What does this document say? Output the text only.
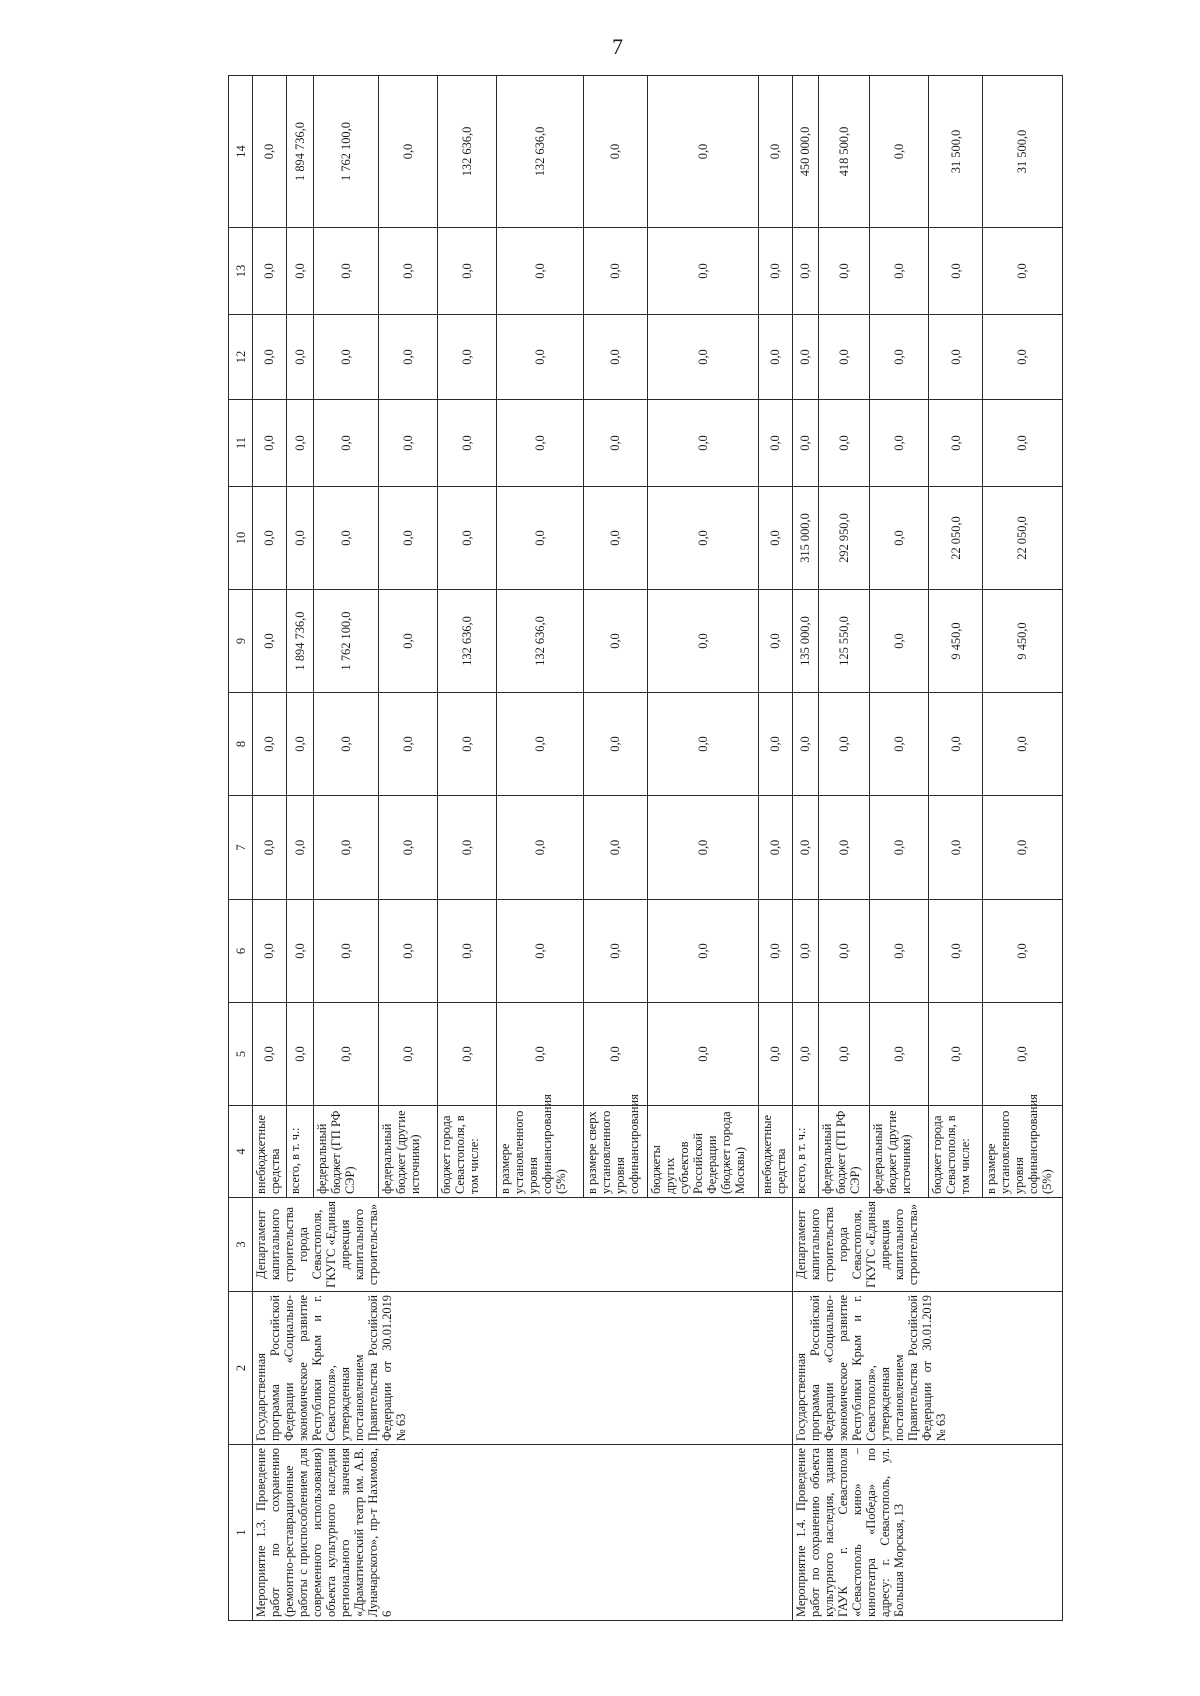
7
1	2	3	4	5	6	7	8	9	10	11	12	13	14
Мероприятие 1.3. Проведение работ по сохранению (ремонтно-реставрационные работы с приспособлением для современного использования) объекта культурного наследия регионального значения «Драматический театр им. А.В. Луначарского», пр-т Нахимова, 6	Государственная программа Российской Федерации «Социально-экономическое развитие Республики Крым и г. Севастополя», утвержденная постановлением Правительства Российской Федерации от 30.01.2019 № 63	Департамент капитального строительства города Севастополя, ГКУГС «Единая дирекция капитального строительства»	внебюджетные средства	0,0	0,0	0,0	0,0	0,0	0,0	0,0	0,0	0,0	0,0
			всего, в т. ч.:	0,0	0,0	0,0	0,0	1 894 736,0	0,0	0,0	0,0	0,0	1 894 736,0
			федеральный бюджет (ГП РФ СЭР)	0,0	0,0	0,0	0,0	1 762 100,0	0,0	0,0	0,0	0,0	1 762 100,0
			федеральный бюджет (другие источники)	0,0	0,0	0,0	0,0	0,0	0,0	0,0	0,0	0,0	0,0
			бюджет города Севастополя, в том числе:	0,0	0,0	0,0	0,0	132 636,0	0,0	0,0	0,0	0,0	132 636,0
			в размере установленного уровня софинансирования (5%)	0,0	0,0	0,0	0,0	132 636,0	0,0	0,0	0,0	0,0	132 636,0
			в размере сверх установленного уровня софинансирования	0,0	0,0	0,0	0,0	0,0	0,0	0,0	0,0	0,0	0,0
			бюджеты других субъектов Российской Федерации (бюджет города Москвы)	0,0	0,0	0,0	0,0	0,0	0,0	0,0	0,0	0,0	0,0
			внебюджетные средства	0,0	0,0	0,0	0,0	0,0	0,0	0,0	0,0	0,0	0,0
Мероприятие 1.4. Проведение работ по сохранению объекта культурного наследия, здания ГАУК г. Севастополя «Севастополь кино» – кинотеатра «Победа» по адресу: г. Севастополь, ул. Большая Морская, 13	Государственная программа Российской Федерации «Социально-экономическое развитие Республики Крым и г. Севастополя», утвержденная постановлением Правительства Российской Федерации от 30.01.2019 № 63	Департамент капитального строительства города Севастополя, ГКУГС «Единая дирекция капитального строительства»	всего, в т. ч.:	0,0	0,0	0,0	0,0	135 000,0	315 000,0	0,0	0,0	0,0	450 000,0
			федеральный бюджет (ГП РФ СЭР)	0,0	0,0	0,0	0,0	125 550,0	292 950,0	0,0	0,0	0,0	418 500,0
			федеральный бюджет (другие источники)	0,0	0,0	0,0	0,0	0,0	0,0	0,0	0,0	0,0	0,0
			бюджет города Севастополя, в том числе:	0,0	0,0	0,0	0,0	9 450,0	22 050,0	0,0	0,0	0,0	31 500,0
			в размере установленного уровня софинансирования (5%)	0,0	0,0	0,0	0,0	9 450,0	22 050,0	0,0	0,0	0,0	31 500,0
